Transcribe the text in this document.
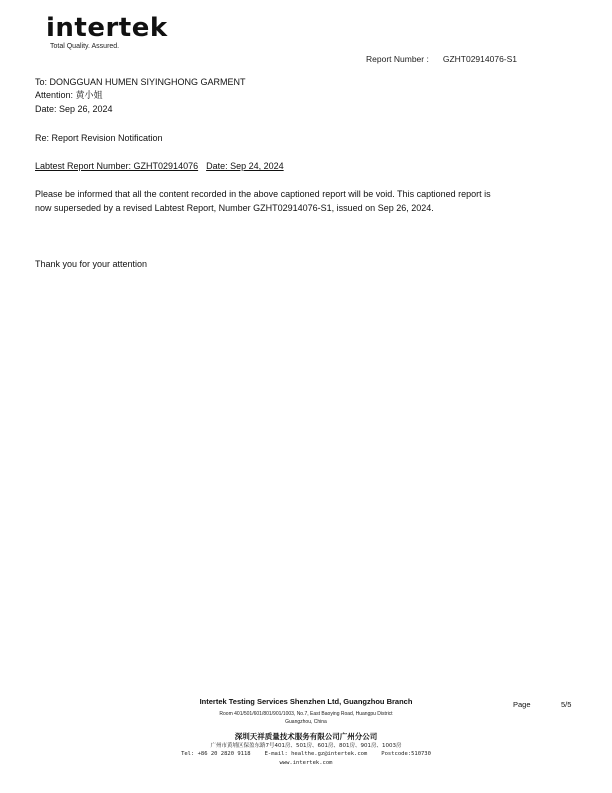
intertek
Total Quality. Assured.
Report Number : GZHT02914076-S1
To: DONGGUAN HUMEN SIYINGHONG GARMENT
Attention: 黄小姐
Date: Sep 26, 2024
Re: Report Revision Notification
Labtest Report Number: GZHT02914076 Date: Sep 24, 2024
Please be informed that all the content recorded in the above captioned report will be void. This captioned report is now superseded by a revised Labtest Report, Number GZHT02914076-S1, issued on Sep 26, 2024.
Thank you for your attention
Intertek Testing Services Shenzhen Ltd, Guangzhou Branch
Room 401/501/601/801/901/1003, No.7, East Baoying Road, Huangpu District
Guangzhou, China
深圳天祥质量技术服务有限公司广州分公司
广州市黄埔区保盈东路7号401房、501房、601房、801房、901房、1003房
Tel: +86 20 2820 9118	E-mail: healthe.gz@intertek.com	Postcode:510730
www.intertek.com
Page	5/5
